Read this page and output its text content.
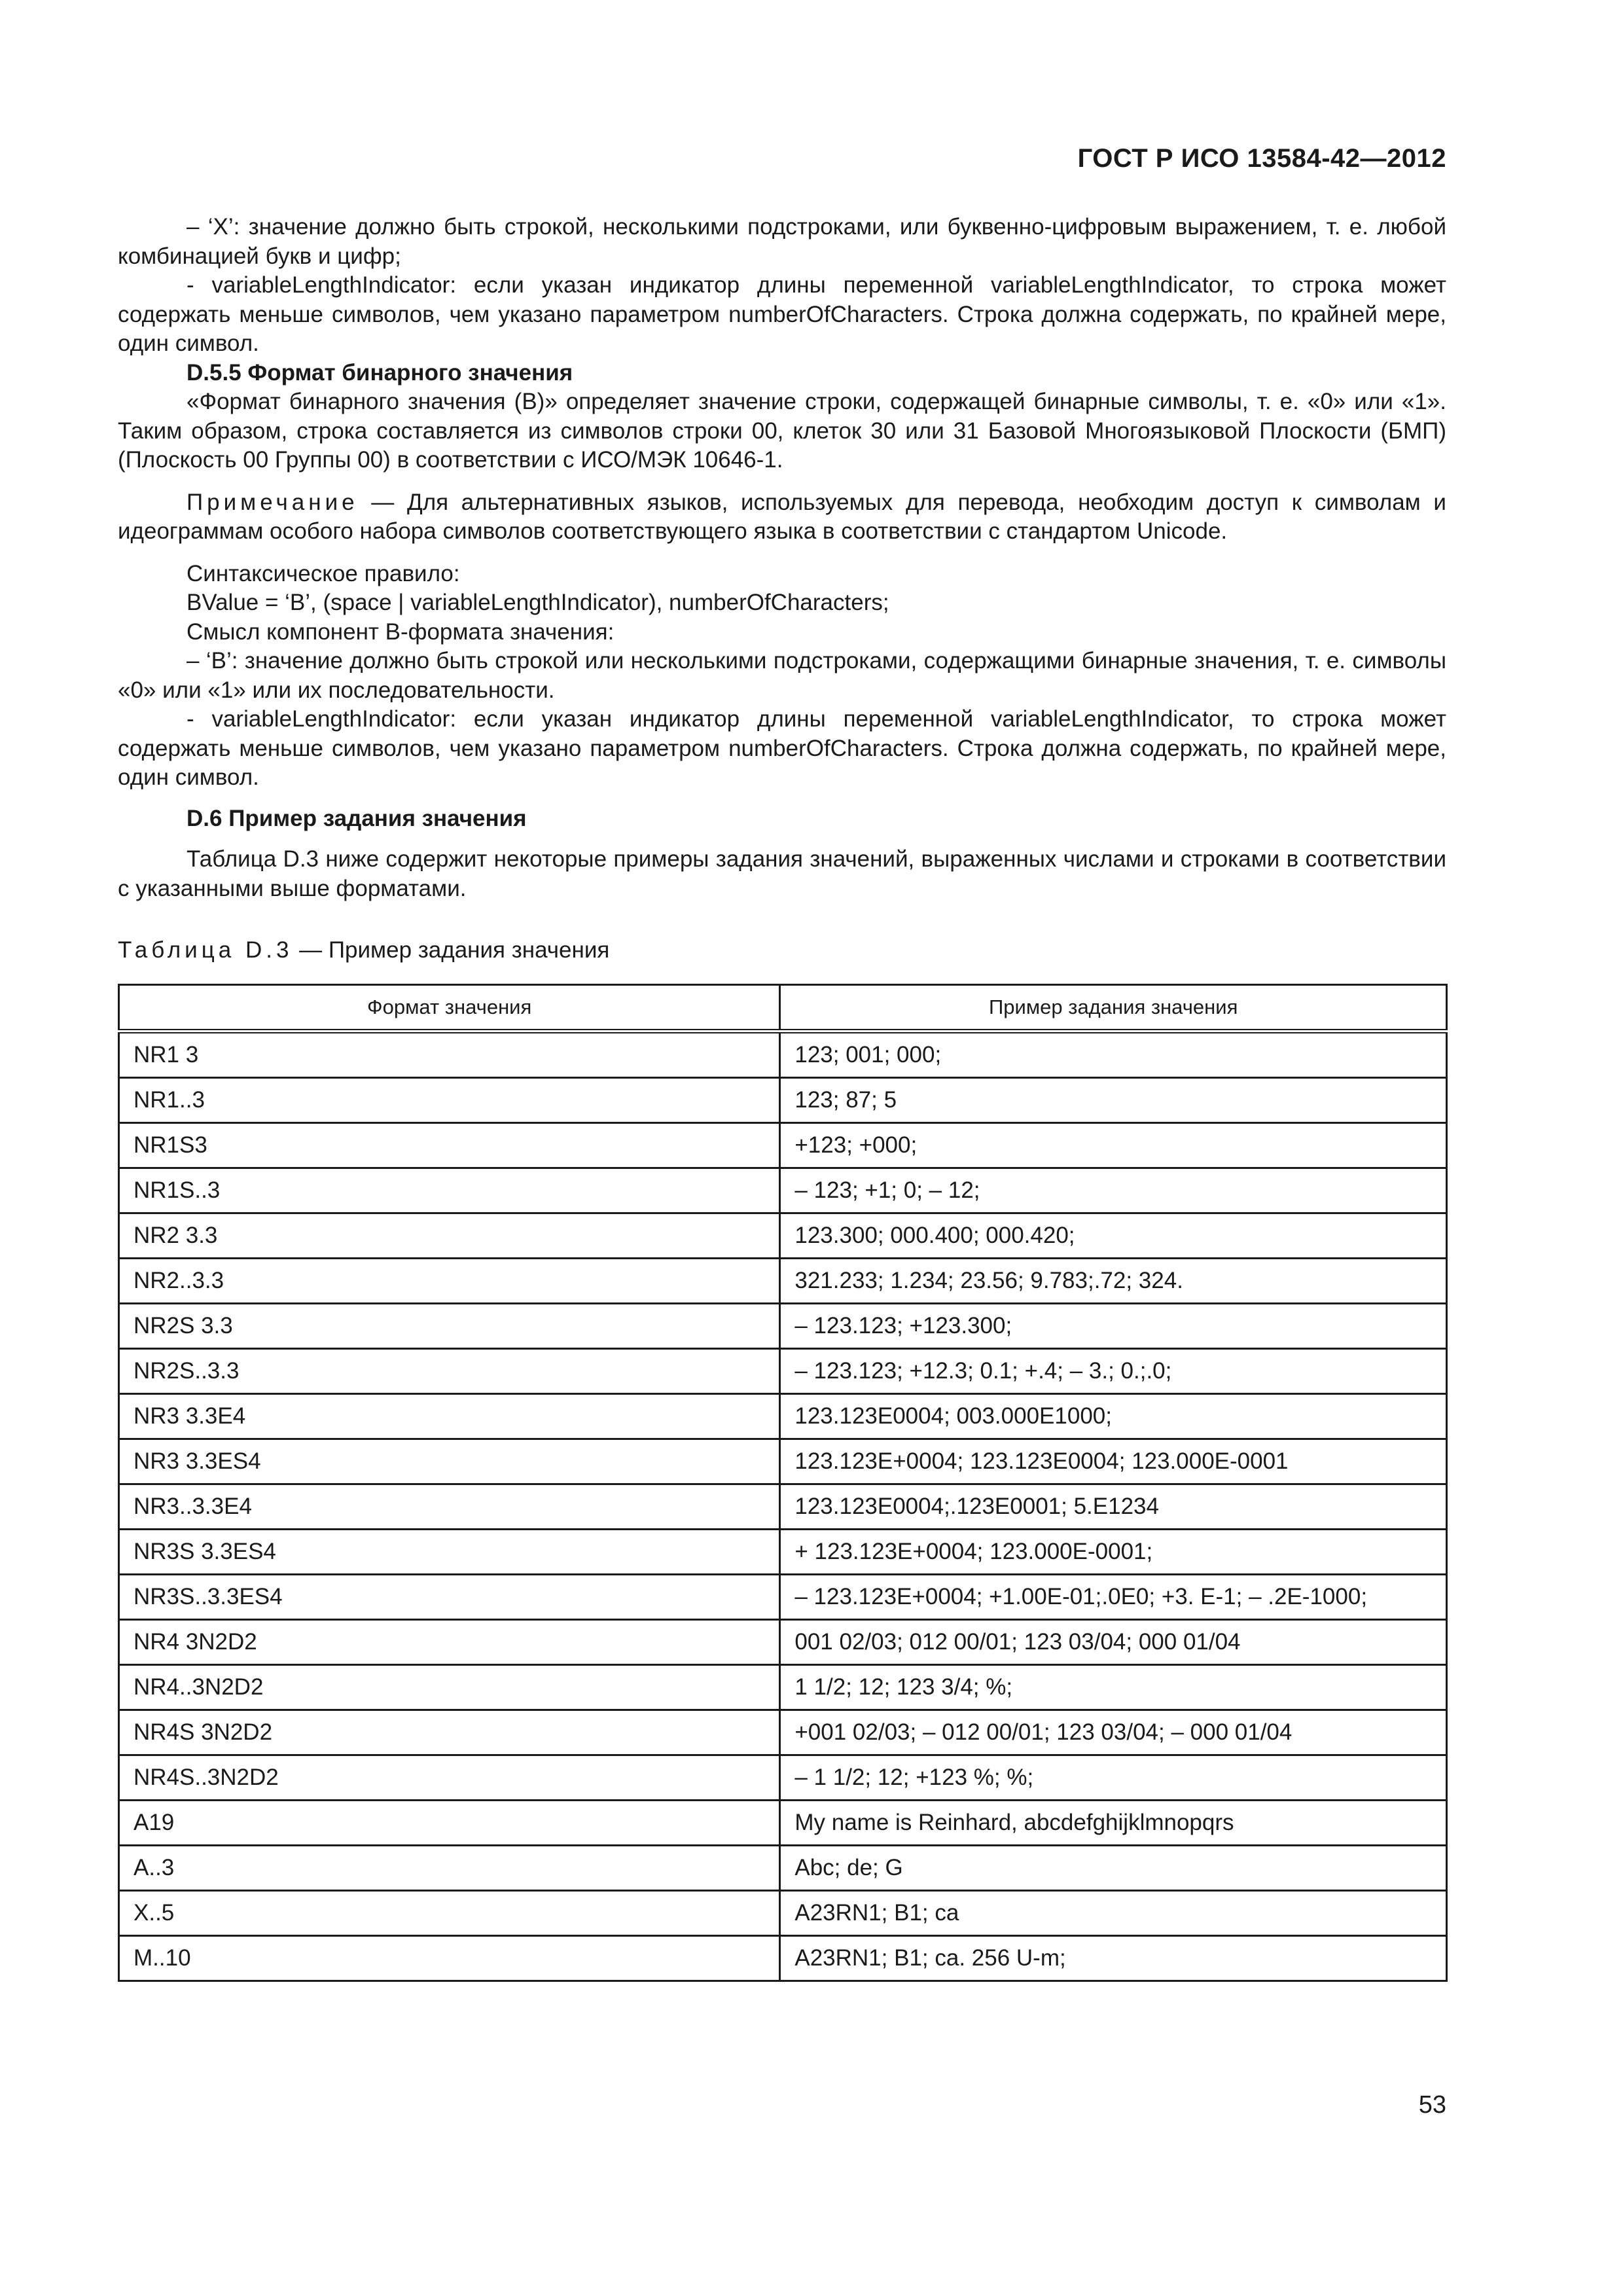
ГОСТ Р ИСО 13584-42—2012

– ‘X’: значение должно быть строкой, несколькими подстроками, или буквенно-цифровым выражением, т. е. любой комбинацией букв и цифр;

- variableLengthIndicator: если указан индикатор длины переменной variableLengthIndicator, то строка может содержать меньше символов, чем указано параметром numberOfCharacters. Строка должна содержать, по крайней мере, один символ.

D.5.5 Формат бинарного значения

«Формат бинарного значения (B)» определяет значение строки, содержащей бинарные символы, т. е. «0» или «1». Таким образом, строка составляется из символов строки 00, клеток 30 или 31 Базовой Многоязыковой Плоскости (БМП) (Плоскость 00 Группы 00) в соответствии с ИСО/МЭК 10646-1.

Примечание — Для альтернативных языков, используемых для перевода, необходим доступ к символам и идеограммам особого набора символов соответствующего языка в соответствии с стандартом Unicode.

Синтаксическое правило:

BValue = ‘B’, (space | variableLengthIndicator), numberOfCharacters;

Смысл компонент B-формата значения:

– ‘B’: значение должно быть строкой или несколькими подстроками, содержащими бинарные значения, т. е. символы «0» или «1» или их последовательности.

- variableLengthIndicator: если указан индикатор длины переменной variableLengthIndicator, то строка может содержать меньше символов, чем указано параметром numberOfCharacters. Строка должна содержать, по крайней мере, один символ.

D.6 Пример задания значения

Таблица D.3 ниже содержит некоторые примеры задания значений, выраженных числами и строками в соответствии с указанными выше форматами.

Таблица D.3 — Пример задания значения
Формат значения	Пример задания значения
NR1 3	123; 001; 000;
NR1..3	123; 87; 5
NR1S3	+123; +000;
NR1S..3	– 123; +1; 0; – 12;
NR2 3.3	123.300; 000.400; 000.420;
NR2..3.3	321.233; 1.234; 23.56; 9.783;.72; 324.
NR2S 3.3	– 123.123; +123.300;
NR2S..3.3	– 123.123; +12.3; 0.1; +.4; – 3.; 0.;.0;
NR3 3.3E4	123.123E0004; 003.000E1000;
NR3 3.3ES4	123.123E+0004; 123.123E0004; 123.000E-0001
NR3..3.3E4	123.123E0004;.123E0001; 5.E1234
NR3S 3.3ES4	+ 123.123E+0004; 123.000E-0001;
NR3S..3.3ES4	– 123.123E+0004; +1.00E-01;.0E0; +3. E-1; – .2E-1000;
NR4 3N2D2	001 02/03; 012 00/01; 123 03/04; 000 01/04
NR4..3N2D2	1 1/2; 12; 123 3/4; %;
NR4S 3N2D2	+001 02/03; – 012 00/01; 123 03/04; – 000 01/04
NR4S..3N2D2	– 1 1/2; 12; +123 %; %;
A19	My name is Reinhard, abcdefghijklmnopqrs
A..3	Abc; de; G
X..5	A23RN1; B1; ca
M..10	A23RN1; B1; ca. 256 U-m;
53
